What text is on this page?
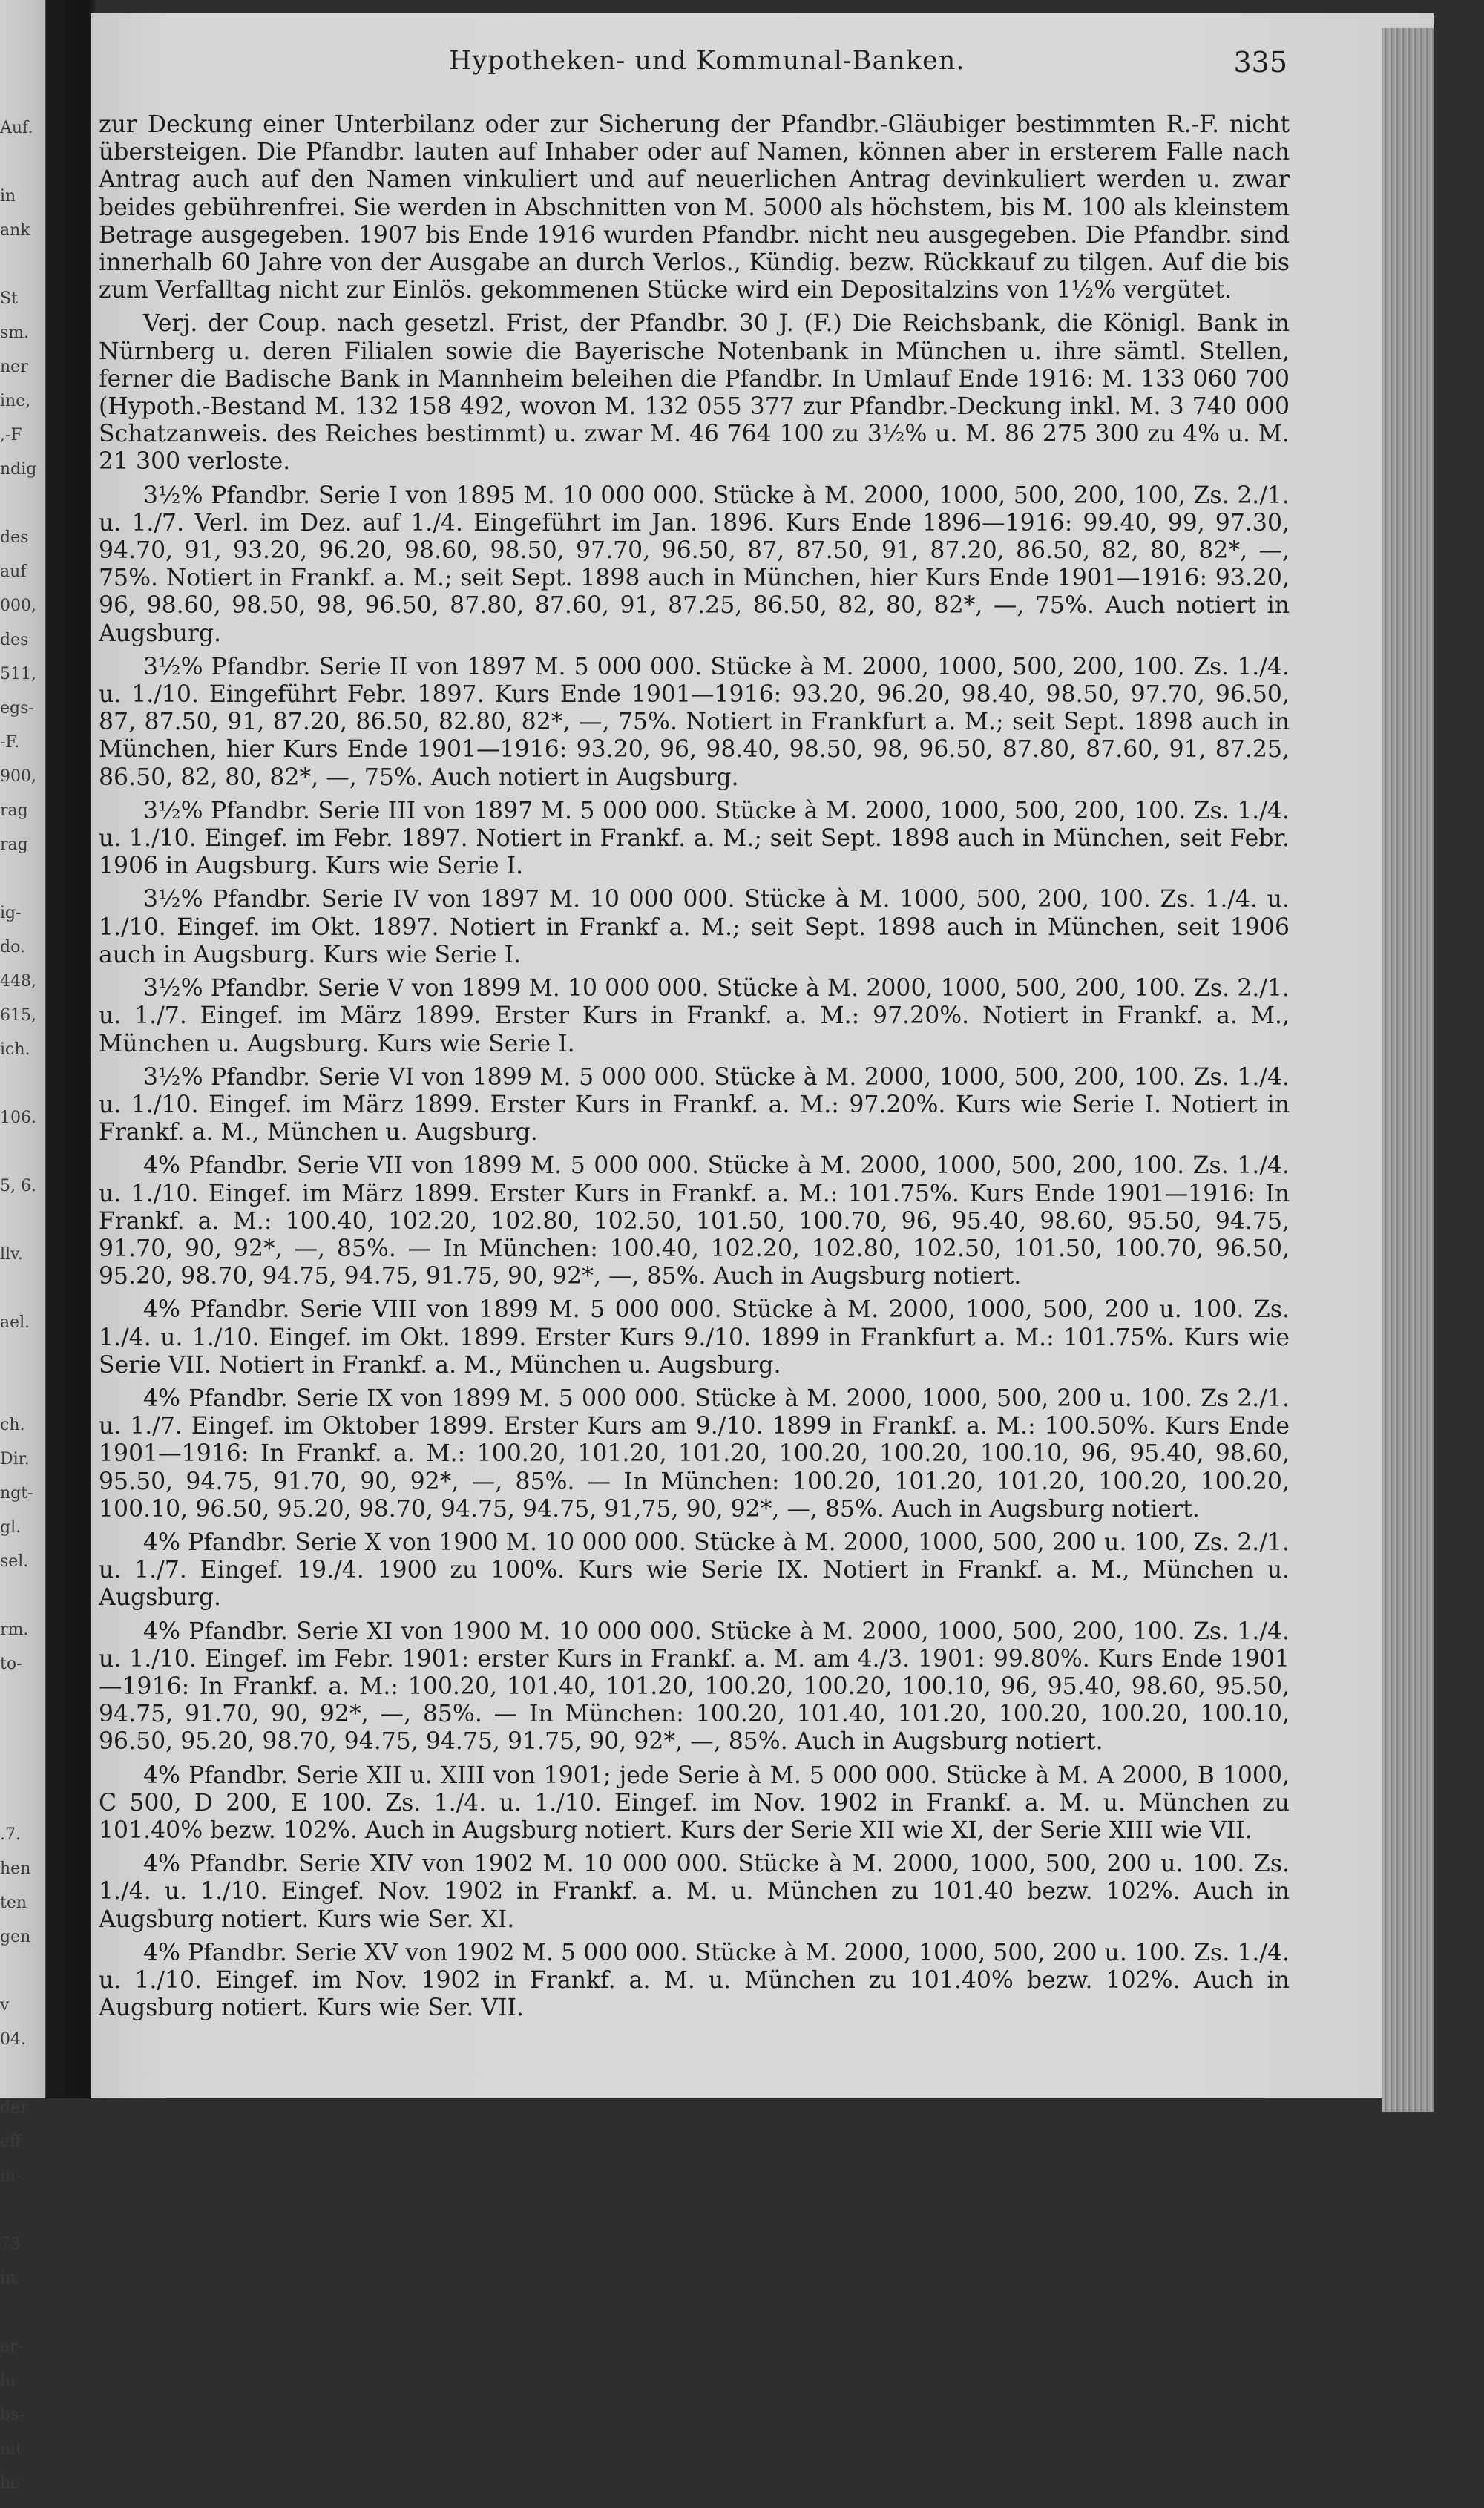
Auf.
in
ank
St
sm.
ner
ine,
,-F
ndig
des
auf
000,
des
511,
egs-
-F.
900,
rag
rag
ig-
do.
448,
615,
ich.
106.
5, 6.
llv.
ael.
ch.
Dir.
ngt-
gl.
sel.
rm.
to-
.7.
hen
ten
gen
v
04.
der
eff
in-
73
in
er-
lu
bs-
nit
he
Hypotheken- und Kommunal-Banken.	335

zur Deckung einer Unterbilanz oder zur Sicherung der Pfandbr.-Gläubiger bestimmten R.-F. nicht übersteigen. Die Pfandbr. lauten auf Inhaber oder auf Namen, können aber in ersterem Falle nach Antrag auch auf den Namen vinkuliert und auf neuerlichen Antrag devinkuliert werden u. zwar beides gebührenfrei. Sie werden in Abschnitten von M. 5000 als höchstem, bis M. 100 als kleinstem Betrage ausgegeben. 1907 bis Ende 1916 wurden Pfandbr. nicht neu ausgegeben. Die Pfandbr. sind innerhalb 60 Jahre von der Ausgabe an durch Verlos., Kündig. bezw. Rückkauf zu tilgen. Auf die bis zum Verfalltag nicht zur Einlös. gekommenen Stücke wird ein Depositalzins von 1½% vergütet.

Verj. der Coup. nach gesetzl. Frist, der Pfandbr. 30 J. (F.) Die Reichsbank, die Königl. Bank in Nürnberg u. deren Filialen sowie die Bayerische Notenbank in München u. ihre sämtl. Stellen, ferner die Badische Bank in Mannheim beleihen die Pfandbr. In Umlauf Ende 1916: M. 133 060 700 (Hypoth.-Bestand M. 132 158 492, wovon M. 132 055 377 zur Pfandbr.-Deckung inkl. M. 3 740 000 Schatzanweis. des Reiches bestimmt) u. zwar M. 46 764 100 zu 3½% u. M. 86 275 300 zu 4% u. M. 21 300 verloste.

3½% Pfandbr. Serie I von 1895 M. 10 000 000. Stücke à M. 2000, 1000, 500, 200, 100, Zs. 2./1. u. 1./7. Verl. im Dez. auf 1./4. Eingeführt im Jan. 1896. Kurs Ende 1896—1916: 99.40, 99, 97.30, 94.70, 91, 93.20, 96.20, 98.60, 98.50, 97.70, 96.50, 87, 87.50, 91, 87.20, 86.50, 82, 80, 82*, —, 75%. Notiert in Frankf. a. M.; seit Sept. 1898 auch in München, hier Kurs Ende 1901—1916: 93.20, 96, 98.60, 98.50, 98, 96.50, 87.80, 87.60, 91, 87.25, 86.50, 82, 80, 82*, —, 75%. Auch notiert in Augsburg.

3½% Pfandbr. Serie II von 1897 M. 5 000 000. Stücke à M. 2000, 1000, 500, 200, 100. Zs. 1./4. u. 1./10. Eingeführt Febr. 1897. Kurs Ende 1901—1916: 93.20, 96.20, 98.40, 98.50, 97.70, 96.50, 87, 87.50, 91, 87.20, 86.50, 82.80, 82*, —, 75%. Notiert in Frankfurt a. M.; seit Sept. 1898 auch in München, hier Kurs Ende 1901—1916: 93.20, 96, 98.40, 98.50, 98, 96.50, 87.80, 87.60, 91, 87.25, 86.50, 82, 80, 82*, —, 75%. Auch notiert in Augsburg.

3½% Pfandbr. Serie III von 1897 M. 5 000 000. Stücke à M. 2000, 1000, 500, 200, 100. Zs. 1./4. u. 1./10. Eingef. im Febr. 1897. Notiert in Frankf. a. M.; seit Sept. 1898 auch in München, seit Febr. 1906 in Augsburg. Kurs wie Serie I.

3½% Pfandbr. Serie IV von 1897 M. 10 000 000. Stücke à M. 1000, 500, 200, 100. Zs. 1./4. u. 1./10. Eingef. im Okt. 1897. Notiert in Frankf a. M.; seit Sept. 1898 auch in München, seit 1906 auch in Augsburg. Kurs wie Serie I.

3½% Pfandbr. Serie V von 1899 M. 10 000 000. Stücke à M. 2000, 1000, 500, 200, 100. Zs. 2./1. u. 1./7. Eingef. im März 1899. Erster Kurs in Frankf. a. M.: 97.20%. Notiert in Frankf. a. M., München u. Augsburg. Kurs wie Serie I.

3½% Pfandbr. Serie VI von 1899 M. 5 000 000. Stücke à M. 2000, 1000, 500, 200, 100. Zs. 1./4. u. 1./10. Eingef. im März 1899. Erster Kurs in Frankf. a. M.: 97.20%. Kurs wie Serie I. Notiert in Frankf. a. M., München u. Augsburg.

4% Pfandbr. Serie VII von 1899 M. 5 000 000. Stücke à M. 2000, 1000, 500, 200, 100. Zs. 1./4. u. 1./10. Eingef. im März 1899. Erster Kurs in Frankf. a. M.: 101.75%. Kurs Ende 1901—1916: In Frankf. a. M.: 100.40, 102.20, 102.80, 102.50, 101.50, 100.70, 96, 95.40, 98.60, 95.50, 94.75, 91.70, 90, 92*, —, 85%. — In München: 100.40, 102.20, 102.80, 102.50, 101.50, 100.70, 96.50, 95.20, 98.70, 94.75, 94.75, 91.75, 90, 92*, —, 85%. Auch in Augsburg notiert.

4% Pfandbr. Serie VIII von 1899 M. 5 000 000. Stücke à M. 2000, 1000, 500, 200 u. 100. Zs. 1./4. u. 1./10. Eingef. im Okt. 1899. Erster Kurs 9./10. 1899 in Frankfurt a. M.: 101.75%. Kurs wie Serie VII. Notiert in Frankf. a. M., München u. Augsburg.

4% Pfandbr. Serie IX von 1899 M. 5 000 000. Stücke à M. 2000, 1000, 500, 200 u. 100. Zs 2./1. u. 1./7. Eingef. im Oktober 1899. Erster Kurs am 9./10. 1899 in Frankf. a. M.: 100.50%. Kurs Ende 1901—1916: In Frankf. a. M.: 100.20, 101.20, 101.20, 100.20, 100.20, 100.10, 96, 95.40, 98.60, 95.50, 94.75, 91.70, 90, 92*, —, 85%. — In München: 100.20, 101.20, 101.20, 100.20, 100.20, 100.10, 96.50, 95.20, 98.70, 94.75, 94.75, 91,75, 90, 92*, —, 85%. Auch in Augsburg notiert.

4% Pfandbr. Serie X von 1900 M. 10 000 000. Stücke à M. 2000, 1000, 500, 200 u. 100, Zs. 2./1. u. 1./7. Eingef. 19./4. 1900 zu 100%. Kurs wie Serie IX. Notiert in Frankf. a. M., München u. Augsburg.

4% Pfandbr. Serie XI von 1900 M. 10 000 000. Stücke à M. 2000, 1000, 500, 200, 100. Zs. 1./4. u. 1./10. Eingef. im Febr. 1901: erster Kurs in Frankf. a. M. am 4./3. 1901: 99.80%. Kurs Ende 1901—1916: In Frankf. a. M.: 100.20, 101.40, 101.20, 100.20, 100.20, 100.10, 96, 95.40, 98.60, 95.50, 94.75, 91.70, 90, 92*, —, 85%. — In München: 100.20, 101.40, 101.20, 100.20, 100.20, 100.10, 96.50, 95.20, 98.70, 94.75, 94.75, 91.75, 90, 92*, —, 85%. Auch in Augsburg notiert.

4% Pfandbr. Serie XII u. XIII von 1901; jede Serie à M. 5 000 000. Stücke à M. A 2000, B 1000, C 500, D 200, E 100. Zs. 1./4. u. 1./10. Eingef. im Nov. 1902 in Frankf. a. M. u. München zu 101.40% bezw. 102%. Auch in Augsburg notiert. Kurs der Serie XII wie XI, der Serie XIII wie VII.

4% Pfandbr. Serie XIV von 1902 M. 10 000 000. Stücke à M. 2000, 1000, 500, 200 u. 100. Zs. 1./4. u. 1./10. Eingef. Nov. 1902 in Frankf. a. M. u. München zu 101.40 bezw. 102%. Auch in Augsburg notiert. Kurs wie Ser. XI.

4% Pfandbr. Serie XV von 1902 M. 5 000 000. Stücke à M. 2000, 1000, 500, 200 u. 100. Zs. 1./4. u. 1./10. Eingef. im Nov. 1902 in Frankf. a. M. u. München zu 101.40% bezw. 102%. Auch in Augsburg notiert. Kurs wie Ser. VII.
